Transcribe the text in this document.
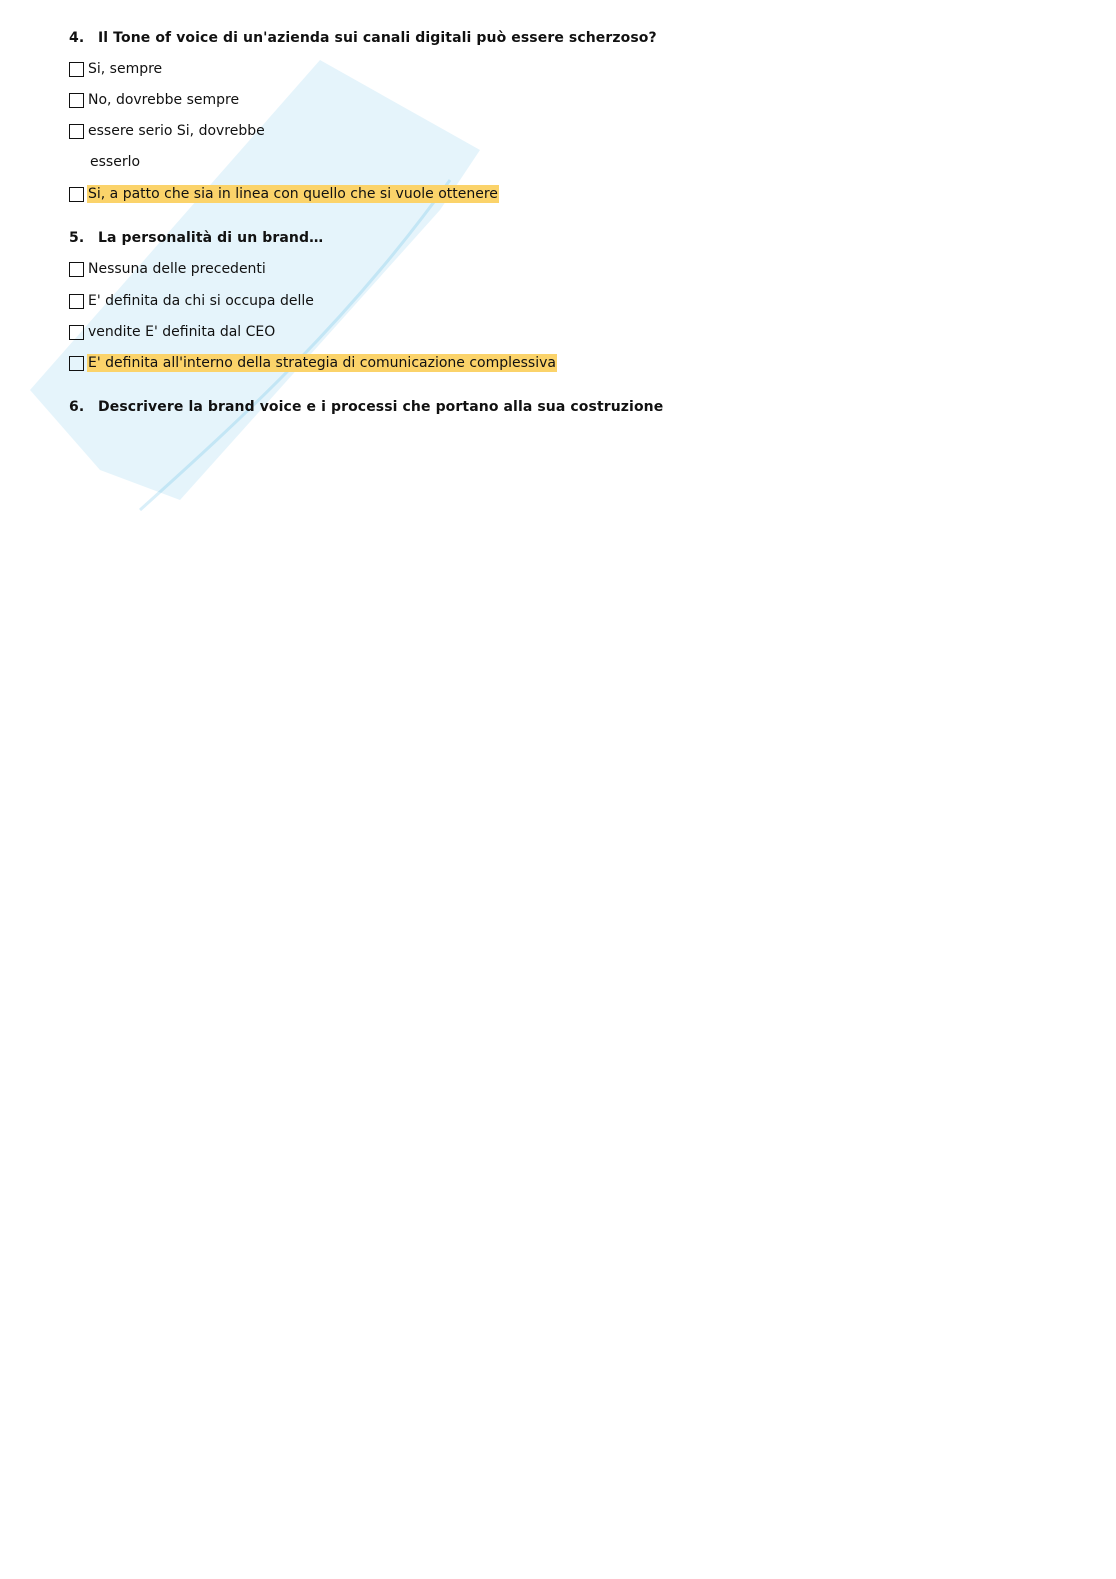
4. Il Tone of voice di un'azienda sui canali digitali può essere scherzoso?
Si, sempre
No, dovrebbe sempre
essere serio Si, dovrebbe
esserlo
Si, a patto che sia in linea con quello che si vuole ottenere
5. La personalità di un brand…
Nessuna delle precedenti
E' definita da chi si occupa delle
vendite E' definita dal CEO
E' definita all'interno della strategia di comunicazione complessiva
6. Descrivere la brand voice e i processi che portano alla sua costruzione
